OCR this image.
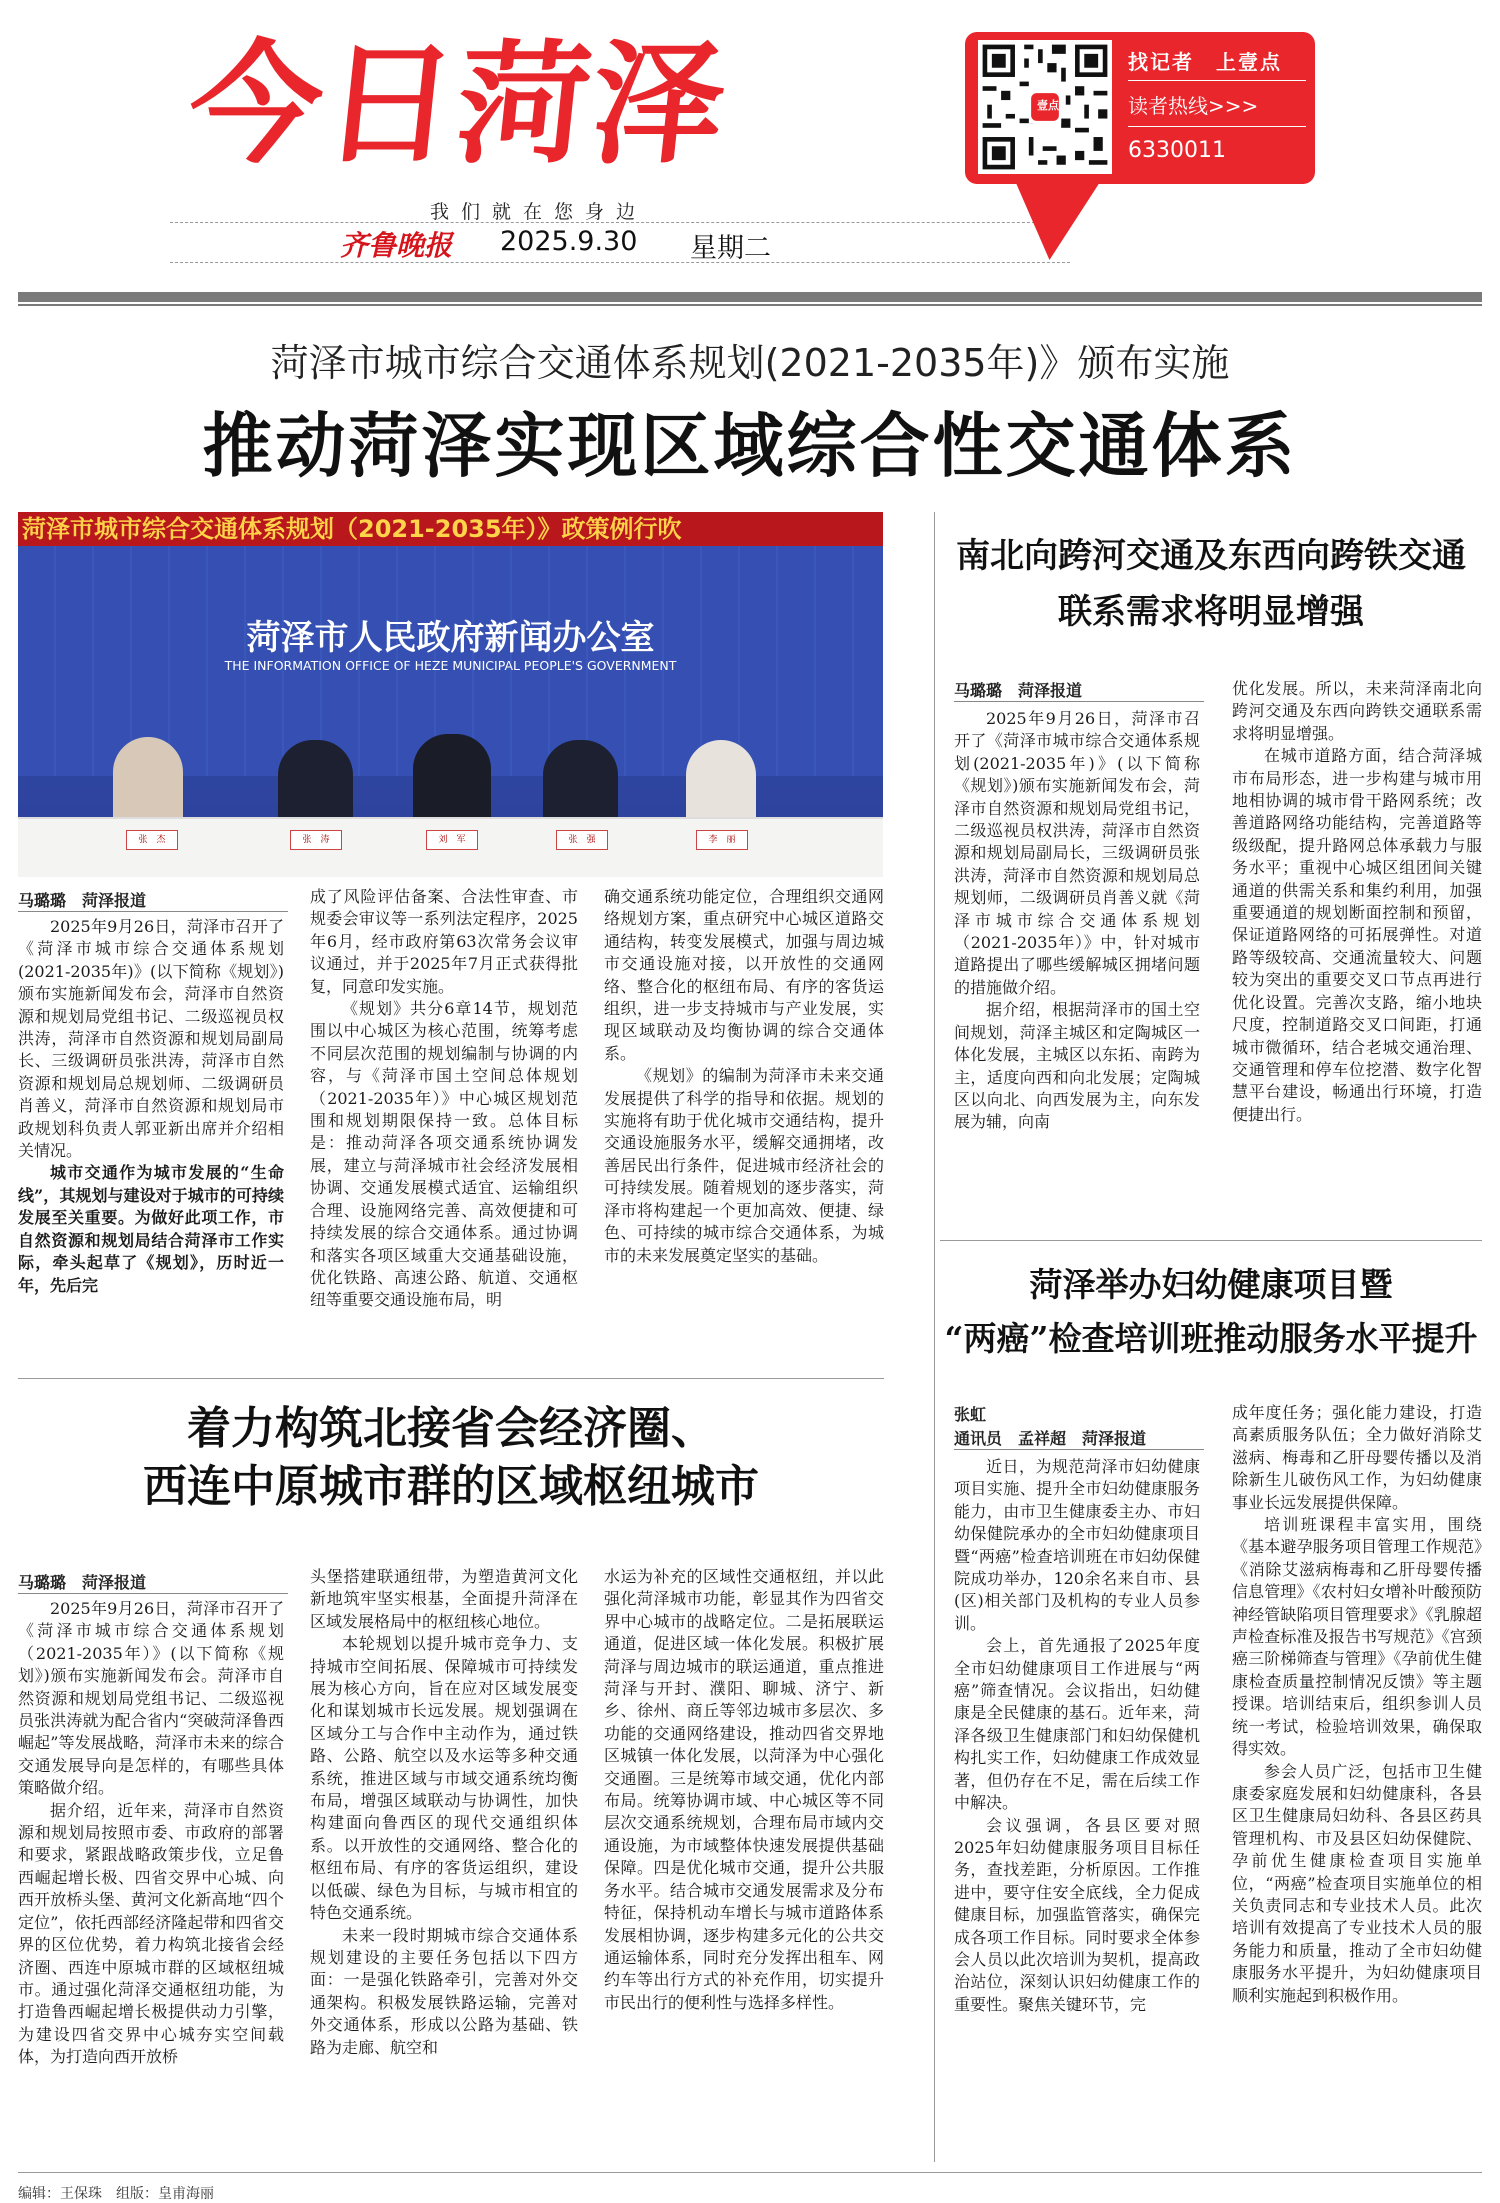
今日菏泽
我们就在您身边
齐鲁晚报 2025.9.30 星期二
壹点
找记者　上壹点
读者热线>>>
6330011
菏泽市城市综合交通体系规划(2021-2035年)》颁布实施
推动菏泽实现区域综合性交通体系
菏泽市城市综合交通体系规划（2021-2035年）》政策例行吹
菏泽市人民政府新闻办公室
THE INFORMATION OFFICE OF HEZE MUNICIPAL PEOPLE'S GOVERNMENT
张　杰	张　涛	刘　军	张　强	李　丽
马璐璐　菏泽报道

2025年9月26日，菏泽市召开了《菏泽市城市综合交通体系规划(2021-2035年)》(以下简称《规划》)颁布实施新闻发布会，菏泽市自然资源和规划局党组书记、二级巡视员权洪涛，菏泽市自然资源和规划局副局长、三级调研员张洪涛，菏泽市自然资源和规划局总规划师、二级调研员肖善义，菏泽市自然资源和规划局市政规划科负责人郭亚新出席并介绍相关情况。

城市交通作为城市发展的“生命线”，其规划与建设对于城市的可持续发展至关重要。为做好此项工作，市自然资源和规划局结合菏泽市工作实际，牵头起草了《规划》，历时近一年，先后完

成了风险评估备案、合法性审查、市规委会审议等一系列法定程序，2025年6月，经市政府第63次常务会议审议通过，并于2025年7月正式获得批复，同意印发实施。

《规划》共分6章14节，规划范围以中心城区为核心范围，统筹考虑不同层次范围的规划编制与协调的内容，与《菏泽市国土空间总体规划（2021-2035年）》中心城区规划范围和规划期限保持一致。总体目标是：推动菏泽各项交通系统协调发展，建立与菏泽城市社会经济发展相协调、交通发展模式适宜、运输组织合理、设施网络完善、高效便捷和可持续发展的综合交通体系。通过协调和落实各项区域重大交通基础设施，优化铁路、高速公路、航道、交通枢纽等重要交通设施布局，明

确交通系统功能定位，合理组织交通网络规划方案，重点研究中心城区道路交通结构，转变发展模式，加强与周边城市交通设施对接，以开放性的交通网络、整合化的枢纽布局、有序的客货运组织，进一步支持城市与产业发展，实现区域联动及均衡协调的综合交通体系。

《规划》的编制为菏泽市未来交通发展提供了科学的指导和依据。规划的实施将有助于优化城市交通结构，提升交通设施服务水平，缓解交通拥堵，改善居民出行条件，促进城市经济社会的可持续发展。随着规划的逐步落实，菏泽市将构建起一个更加高效、便捷、绿色、可持续的城市综合交通体系，为城市的未来发展奠定坚实的基础。

着力构筑北接省会经济圈、
西连中原城市群的区域枢纽城市
马璐璐　菏泽报道

2025年9月26日，菏泽市召开了《菏泽市城市综合交通体系规划（2021-2035年）》(以下简称《规划》)颁布实施新闻发布会。菏泽市自然资源和规划局党组书记、二级巡视员张洪涛就为配合省内“突破菏泽鲁西崛起”等发展战略，菏泽市未来的综合交通发展导向是怎样的，有哪些具体策略做介绍。

据介绍，近年来，菏泽市自然资源和规划局按照市委、市政府的部署和要求，紧跟战略政策步伐，立足鲁西崛起增长极、四省交界中心城、向西开放桥头堡、黄河文化新高地“四个定位”，依托西部经济隆起带和四省交界的区位优势，着力构筑北接省会经济圈、西连中原城市群的区域枢纽城市。通过强化菏泽交通枢纽功能，为打造鲁西崛起增长极提供动力引擎，为建设四省交界中心城夯实空间载体，为打造向西开放桥

头堡搭建联通纽带，为塑造黄河文化新地筑牢坚实根基，全面提升菏泽在区域发展格局中的枢纽核心地位。

本轮规划以提升城市竞争力、支持城市空间拓展、保障城市可持续发展为核心方向，旨在应对区域发展变化和谋划城市长远发展。规划强调在区域分工与合作中主动作为，通过铁路、公路、航空以及水运等多种交通系统，推进区域与市域交通系统均衡布局，增强区域联动与协调性，加快构建面向鲁西区的现代交通组织体系。以开放性的交通网络、整合化的枢纽布局、有序的客货运组织，建设以低碳、绿色为目标，与城市相宜的特色交通系统。

未来一段时期城市综合交通体系规划建设的主要任务包括以下四方面：一是强化铁路牵引，完善对外交通架构。积极发展铁路运输，完善对外交通体系，形成以公路为基础、铁路为走廊、航空和

水运为补充的区域性交通枢纽，并以此强化菏泽城市功能，彰显其作为四省交界中心城市的战略定位。二是拓展联运通道，促进区域一体化发展。积极扩展菏泽与周边城市的联运通道，重点推进菏泽与开封、濮阳、聊城、济宁、新乡、徐州、商丘等邻边城市多层次、多功能的交通网络建设，推动四省交界地区城镇一体化发展，以菏泽为中心强化交通圈。三是统筹市域交通，优化内部布局。统筹协调市域、中心城区等不同层次交通系统规划，合理布局市域内交通设施，为市域整体快速发展提供基础保障。四是优化城市交通，提升公共服务水平。结合城市交通发展需求及分布特征，保持机动车增长与城市道路体系发展相协调，逐步构建多元化的公共交通运输体系，同时充分发挥出租车、网约车等出行方式的补充作用，切实提升市民出行的便利性与选择多样性。

南北向跨河交通及东西向跨铁交通
联系需求将明显增强
马璐璐　菏泽报道

2025年9月26日，菏泽市召开了《菏泽市城市综合交通体系规划(2021-2035年)》(以下简称《规划》)颁布实施新闻发布会，菏泽市自然资源和规划局党组书记，二级巡视员权洪涛，菏泽市自然资源和规划局副局长，三级调研员张洪涛，菏泽市自然资源和规划局总规划师，二级调研员肖善义就《菏泽市城市综合交通体系规划（2021-2035年）》中，针对城市道路提出了哪些缓解城区拥堵问题的措施做介绍。

据介绍，根据菏泽市的国土空间规划，菏泽主城区和定陶城区一体化发展，主城区以东拓、南跨为主，适度向西和向北发展；定陶城区以向北、向西发展为主，向东发展为辅，向南

优化发展。所以，未来菏泽南北向跨河交通及东西向跨铁交通联系需求将明显增强。

在城市道路方面，结合菏泽城市布局形态，进一步构建与城市用地相协调的城市骨干路网系统；改善道路网络功能结构，完善道路等级级配，提升路网总体承载力与服务水平；重视中心城区组团间关键通道的供需关系和集约利用，加强重要通道的规划断面控制和预留，保证道路网络的可拓展弹性。对道路等级较高、交通流量较大、问题较为突出的重要交叉口节点再进行优化设置。完善次支路，缩小地块尺度，控制道路交叉口间距，打通城市微循环，结合老城交通治理、交通管理和停车位挖潜、数字化智慧平台建设，畅通出行环境，打造便捷出行。

菏泽举办妇幼健康项目暨
“两癌”检查培训班推动服务水平提升
张虹
通讯员　孟祥超　菏泽报道

近日，为规范菏泽市妇幼健康项目实施、提升全市妇幼健康服务能力，由市卫生健康委主办、市妇幼保健院承办的全市妇幼健康项目暨“两癌”检查培训班在市妇幼保健院成功举办，120余名来自市、县(区)相关部门及机构的专业人员参训。

会上，首先通报了2025年度全市妇幼健康项目工作进展与“两癌”筛查情况。会议指出，妇幼健康是全民健康的基石。近年来，菏泽各级卫生健康部门和妇幼保健机构扎实工作，妇幼健康工作成效显著，但仍存在不足，需在后续工作中解决。

会议强调，各县区要对照2025年妇幼健康服务项目目标任务，查找差距，分析原因。工作推进中，要守住安全底线，全力促成健康目标，加强监管落实，确保完成各项工作目标。同时要求全体参会人员以此次培训为契机，提高政治站位，深刻认识妇幼健康工作的重要性。聚焦关键环节，完

成年度任务；强化能力建设，打造高素质服务队伍；全力做好消除艾滋病、梅毒和乙肝母婴传播以及消除新生儿破伤风工作，为妇幼健康事业长远发展提供保障。

培训班课程丰富实用，围绕《基本避孕服务项目管理工作规范》《消除艾滋病梅毒和乙肝母婴传播信息管理》《农村妇女增补叶酸预防神经管缺陷项目管理要求》《乳腺超声检查标准及报告书写规范》《宫颈癌三阶梯筛查与管理》《孕前优生健康检查质量控制情况反馈》等主题授课。培训结束后，组织参训人员统一考试，检验培训效果，确保取得实效。

参会人员广泛，包括市卫生健康委家庭发展和妇幼健康科，各县区卫生健康局妇幼科、各县区药具管理机构、市及县区妇幼保健院、孕前优生健康检查项目实施单位，“两癌”检查项目实施单位的相关负责同志和专业技术人员。此次培训有效提高了专业技术人员的服务能力和质量，推动了全市妇幼健康服务水平提升，为妇幼健康项目顺利实施起到积极作用。

编辑：王保珠　组版：皇甫海丽
